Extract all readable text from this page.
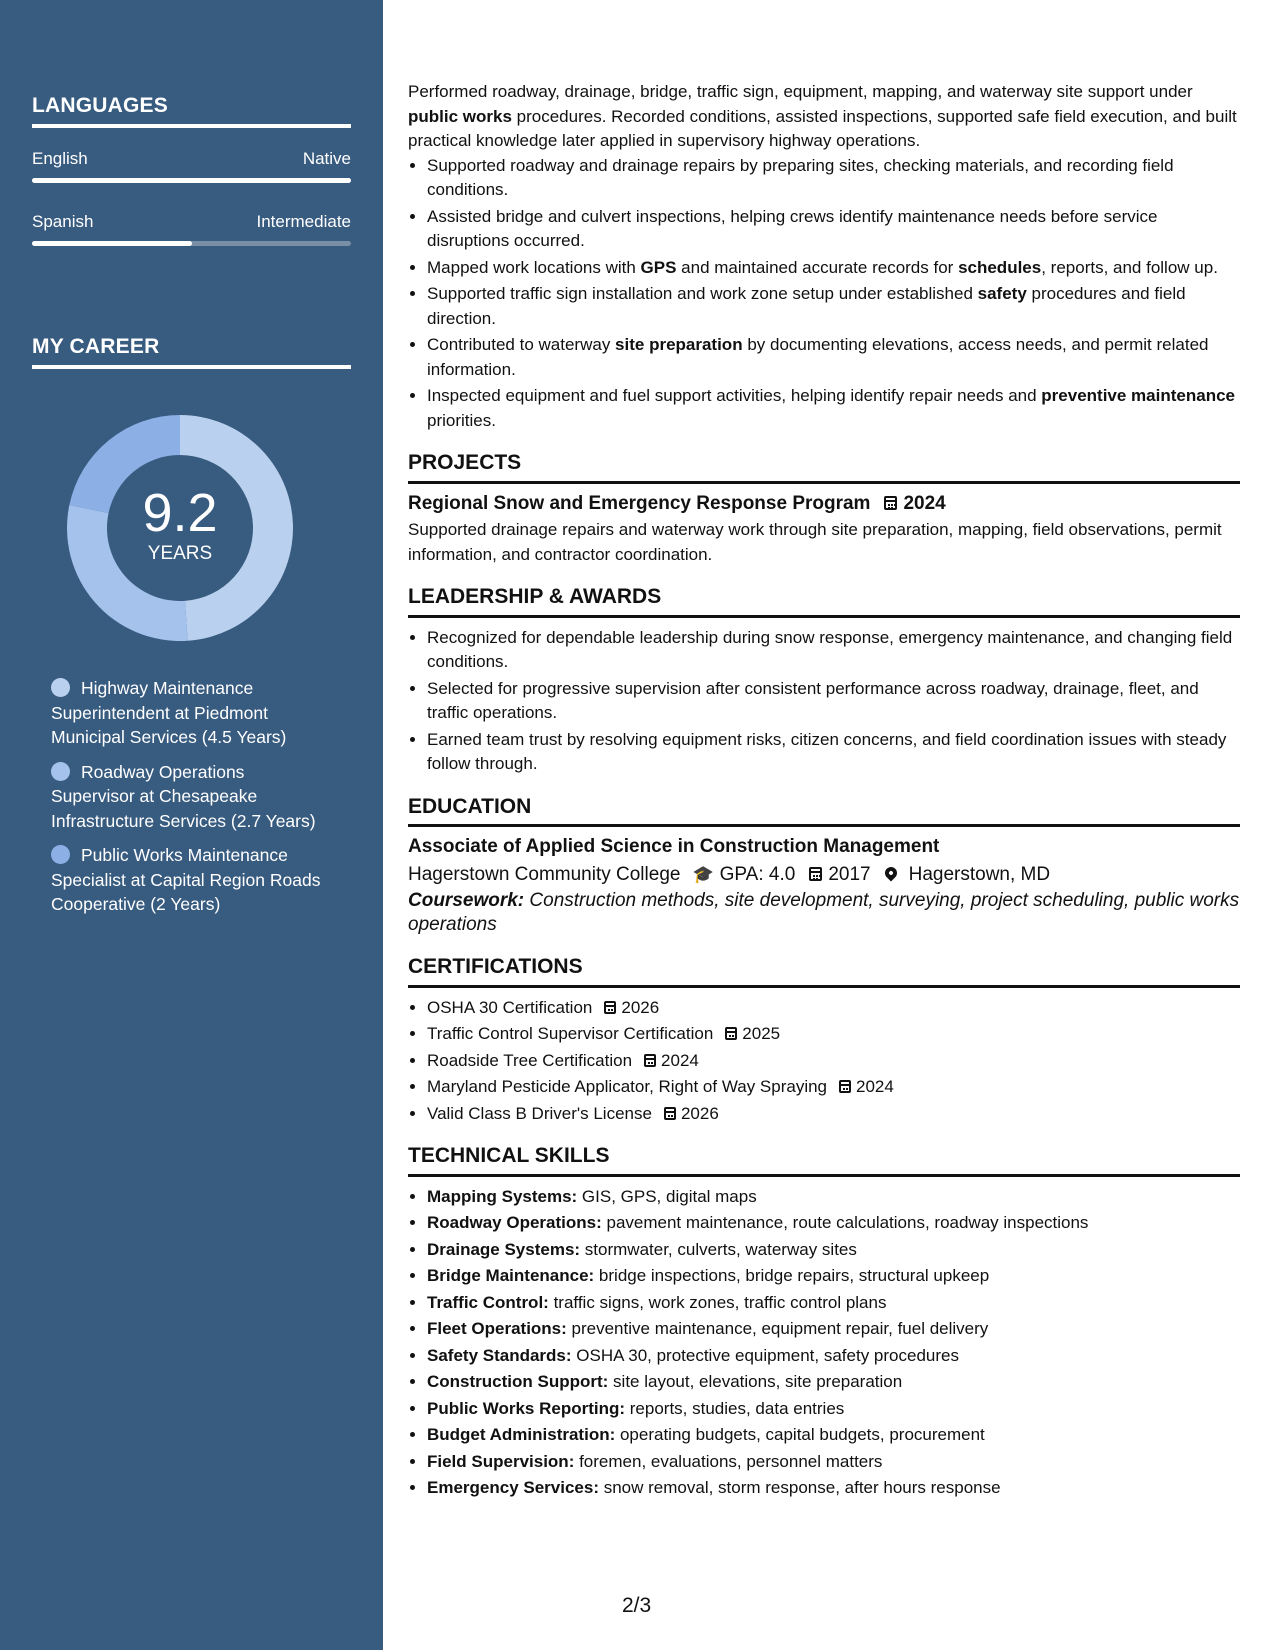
LANGUAGES
English	Native
Spanish	Intermediate
MY CAREER
9.2
YEARS
Highway Maintenance Superintendent at Piedmont Municipal Services (4.5 Years)
Roadway Operations Supervisor at Chesapeake Infrastructure Services (2.7 Years)
Public Works Maintenance Specialist at Capital Region Roads Cooperative (2 Years)

Performed roadway, drainage, bridge, traffic sign, equipment, mapping, and waterway site support under public works procedures. Recorded conditions, assisted inspections, supported safe field execution, and built practical knowledge later applied in supervisory highway operations.

• Supported roadway and drainage repairs by preparing sites, checking materials, and recording field conditions.
• Assisted bridge and culvert inspections, helping crews identify maintenance needs before service disruptions occurred.
• Mapped work locations with GPS and maintained accurate records for schedules, reports, and follow up.
• Supported traffic sign installation and work zone setup under established safety procedures and field direction.
• Contributed to waterway site preparation by documenting elevations, access needs, and permit related information.
• Inspected equipment and fuel support activities, helping identify repair needs and preventive maintenance priorities.
PROJECTS
Regional Snow and Emergency Response Program 2024

Supported drainage repairs and waterway work through site preparation, mapping, field observations, permit information, and contractor coordination.

LEADERSHIP & AWARDS
• Recognized for dependable leadership during snow response, emergency maintenance, and changing field conditions.
• Selected for progressive supervision after consistent performance across roadway, drainage, fleet, and traffic operations.
• Earned team trust by resolving equipment risks, citizen concerns, and field coordination issues with steady follow through.
EDUCATION
Associate of Applied Science in Construction Management
Hagerstown Community College 🎓 GPA: 4.0 2017 Hagerstown, MD
Coursework: Construction methods, site development, surveying, project scheduling, public works operations
CERTIFICATIONS
• OSHA 30 Certification 2026
• Traffic Control Supervisor Certification 2025
• Roadside Tree Certification 2024
• Maryland Pesticide Applicator, Right of Way Spraying 2024
• Valid Class B Driver's License 2026
TECHNICAL SKILLS
• Mapping Systems: GIS, GPS, digital maps
• Roadway Operations: pavement maintenance, route calculations, roadway inspections
• Drainage Systems: stormwater, culverts, waterway sites
• Bridge Maintenance: bridge inspections, bridge repairs, structural upkeep
• Traffic Control: traffic signs, work zones, traffic control plans
• Fleet Operations: preventive maintenance, equipment repair, fuel delivery
• Safety Standards: OSHA 30, protective equipment, safety procedures
• Construction Support: site layout, elevations, site preparation
• Public Works Reporting: reports, studies, data entries
• Budget Administration: operating budgets, capital budgets, procurement
• Field Supervision: foremen, evaluations, personnel matters
• Emergency Services: snow removal, storm response, after hours response
2/3
